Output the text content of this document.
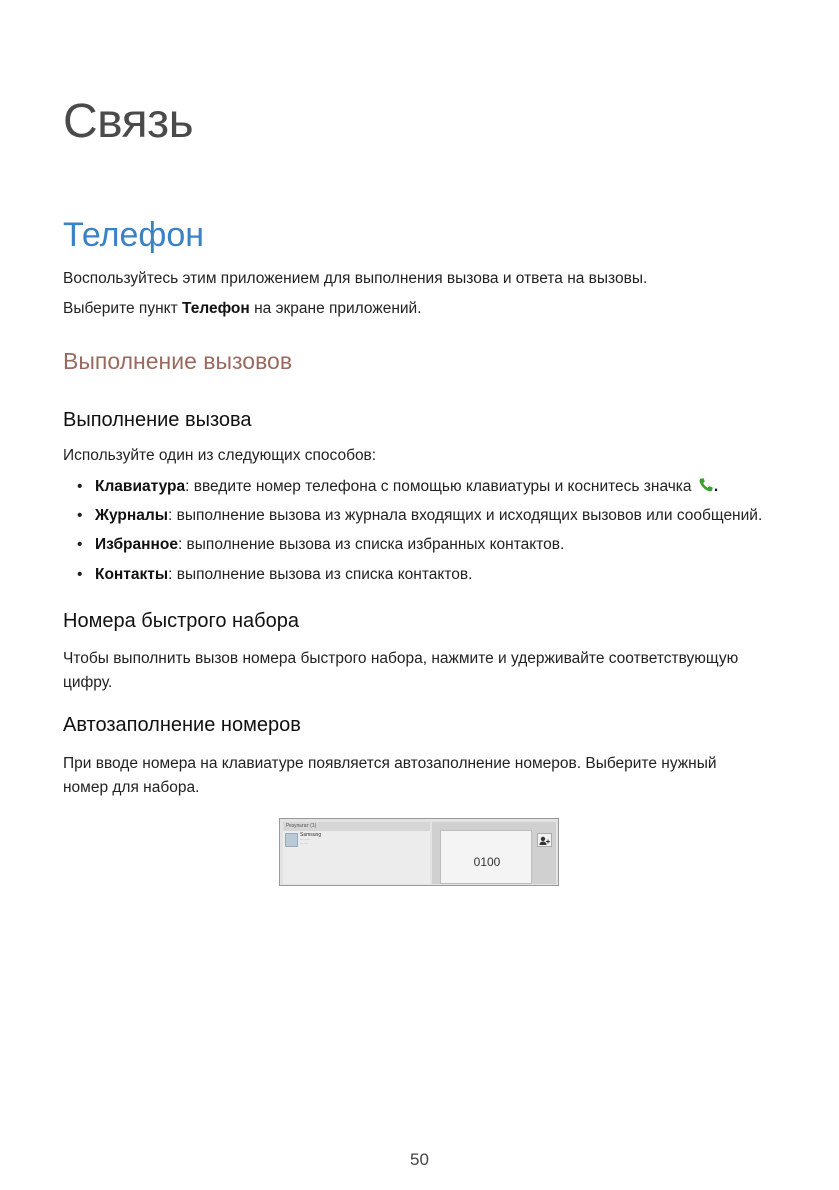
Связь
Телефон

Воспользуйтесь этим приложением для выполнения вызова и ответа на вызовы.

Выберите пункт Телефон на экране приложений.

Выполнение вызовов
Выполнение вызова

Используйте один из следующих способов:

• Клавиатура: введите номер телефона с помощью клавиатуры и коснитесь значка .

• Журналы: выполнение вызова из журнала входящих и исходящих вызовов или сообщений.

• Избранное: выполнение вызова из списка избранных контактов.

• Контакты: выполнение вызова из списка контактов.

Номера быстрого набора

Чтобы выполнить вызов номера быстрого набора, нажмите и удерживайте соответствующую цифру.

Автозаполнение номеров

При вводе номера на клавиатуре появляется автозаполнение номеров. Выберите нужный номер для набора.

Результат (1)
Samsung
·········
·······
0100
50
